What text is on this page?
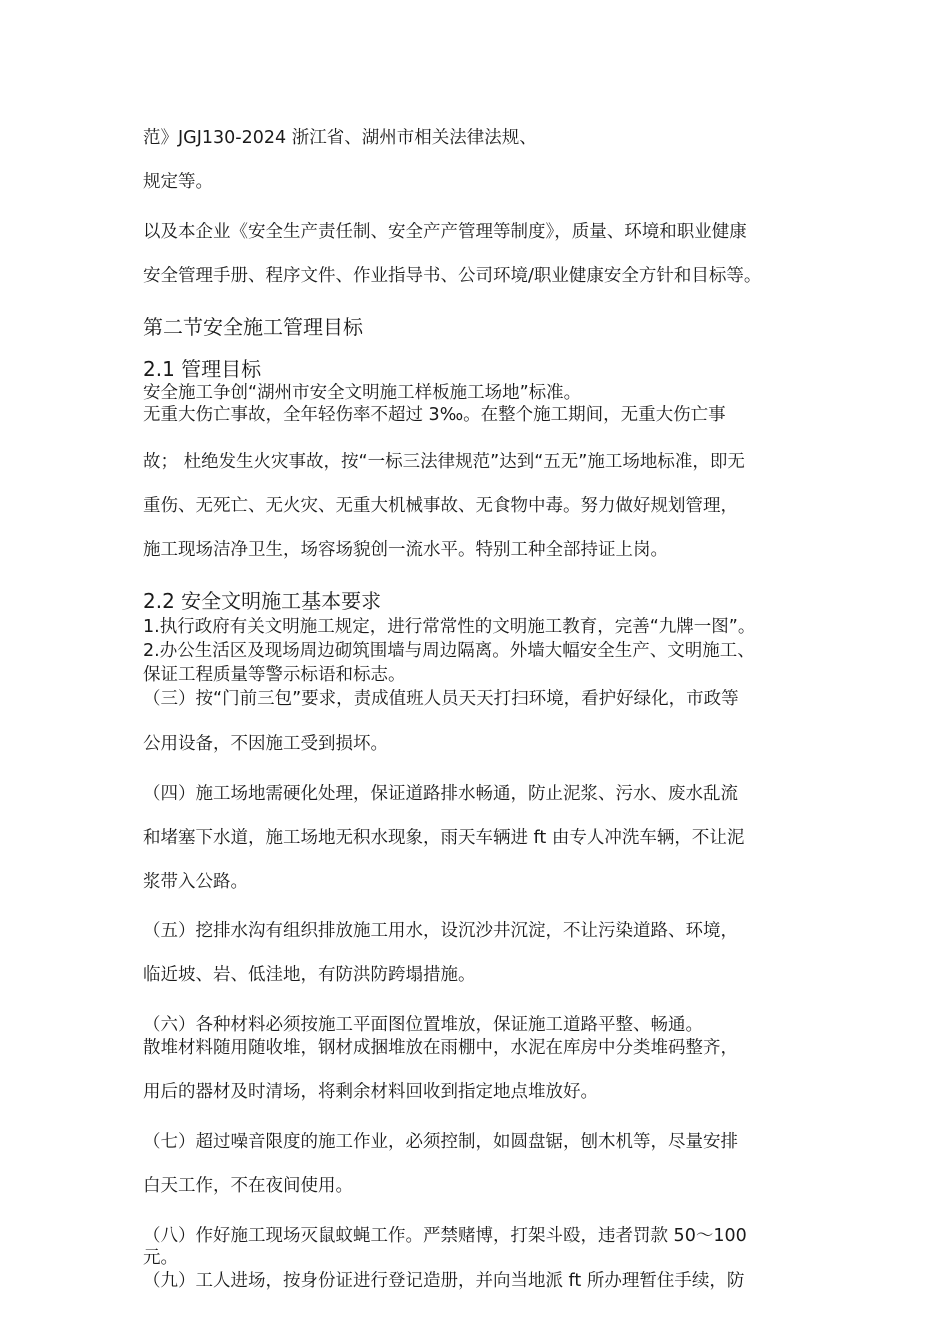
范》JGJ130-2024 浙江省、湖州市相关法律法规、
规定等。
以及本企业《安全生产责任制、安全产产管理等制度》，质量、环境和职业健康
安全管理手册、程序文件、作业指导书、公司环境/职业健康安全方针和目标等。
第二节安全施工管理目标
2.1 管理目标
安全施工争创“湖州市安全文明施工样板施工场地”标准。
无重大伤亡事故，全年轻伤率不超过 3‰。在整个施工期间，无重大伤亡事
故； 杜绝发生火灾事故，按“一标三法律规范”达到“五无”施工场地标准，即无
重伤、无死亡、无火灾、无重大机械事故、无食物中毒。努力做好规划管理，
施工现场洁净卫生，场容场貌创一流水平。特别工种全部持证上岗。
2.2 安全文明施工基本要求
1.执行政府有关文明施工规定，进行常常性的文明施工教育，完善“九牌一图”。
2.办公生活区及现场周边砌筑围墙与周边隔离。外墙大幅安全生产、文明施工、
保证工程质量等警示标语和标志。
（三）按“门前三包”要求，责成值班人员天天打扫环境，看护好绿化，市政等
公用设备，不因施工受到损坏。
（四）施工场地需硬化处理，保证道路排水畅通，防止泥浆、污水、废水乱流
和堵塞下水道，施工场地无积水现象，雨天车辆进 ft 由专人冲洗车辆，不让泥
浆带入公路。
（五）挖排水沟有组织排放施工用水，设沉沙井沉淀，不让污染道路、环境，
临近坡、岩、低洼地，有防洪防跨塌措施。
（六）各种材料必须按施工平面图位置堆放，保证施工道路平整、畅通。
散堆材料随用随收堆，钢材成捆堆放在雨棚中，水泥在库房中分类堆码整齐，
用后的器材及时清场，将剩余材料回收到指定地点堆放好。
（七）超过噪音限度的施工作业，必须控制，如圆盘锯，刨木机等，尽量安排
白天工作，不在夜间使用。
（八）作好施工现场灭鼠蚊蝇工作。严禁赌博，打架斗殴，违者罚款 50～100
元。
（九）工人进场，按身份证进行登记造册，并向当地派 ft 所办理暂住手续，防
